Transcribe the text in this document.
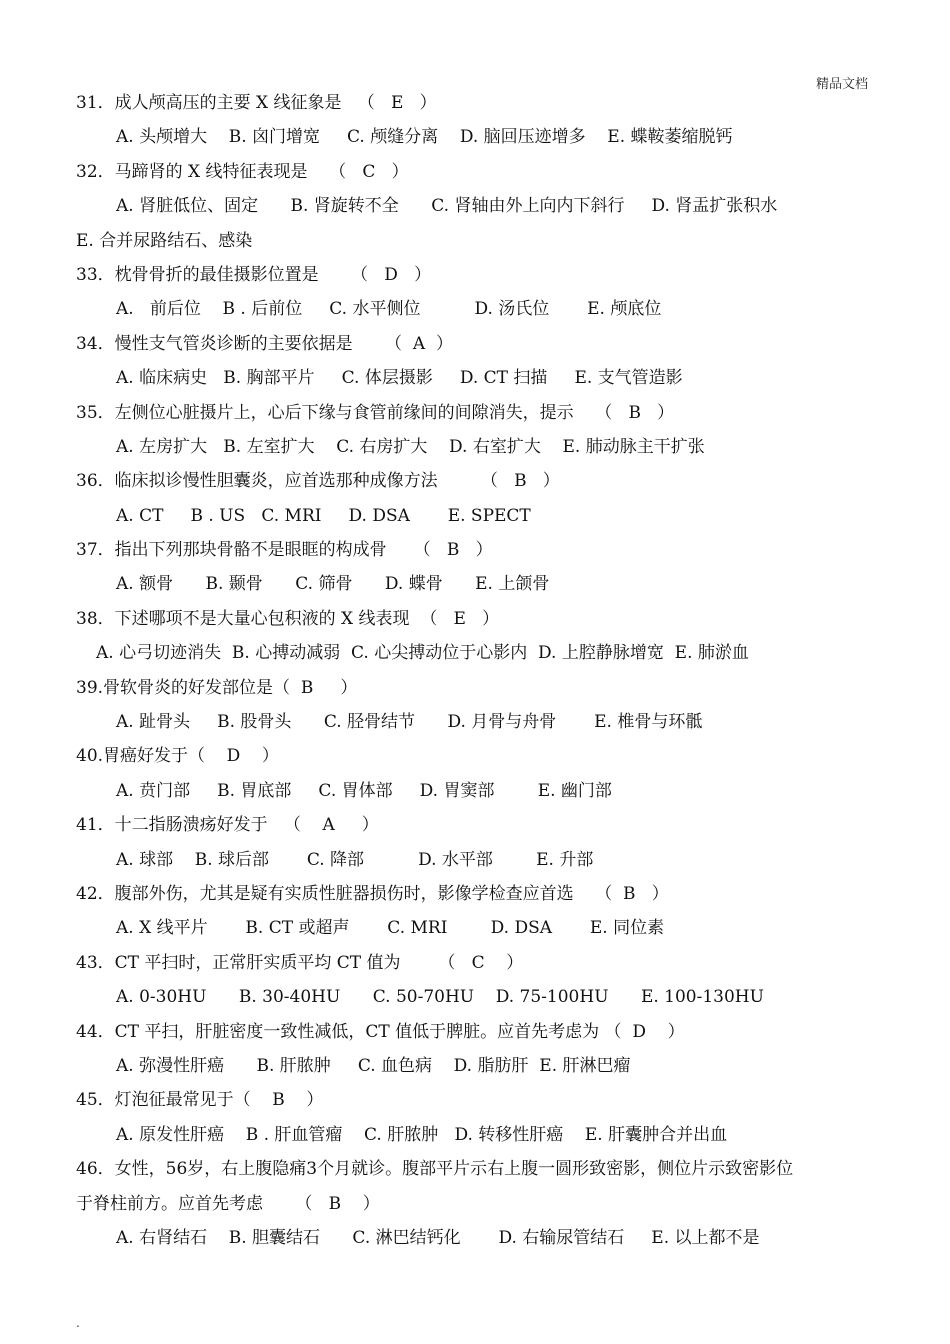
精品文档
31．成人颅高压的主要 X 线征象是   （   E   ）
A. 头颅增大    B. 囟门增宽     C. 颅缝分离    D. 脑回压迹增多    E. 蝶鞍萎缩脱钙
32．马蹄肾的 X 线特征表现是    （   C   ）
A. 肾脏低位、固定      B. 肾旋转不全      C. 肾轴由外上向内下斜行     D. 肾盂扩张积水
E. 合并尿路结石、感染
33．枕骨骨折的最佳摄影位置是      （   D   ）
A.   前后位    B . 后前位     C. 水平侧位          D. 汤氏位       E. 颅底位
34．慢性支气管炎诊断的主要依据是      （  A  ）
A. 临床病史   B. 胸部平片     C. 体层摄影     D. CT 扫描     E. 支气管造影
35．左侧位心脏摄片上，心后下缘与食管前缘间的间隙消失，提示    （   B   ）
A. 左房扩大   B. 左室扩大    C. 右房扩大    D. 右室扩大    E. 肺动脉主干扩张
36．临床拟诊慢性胆囊炎，应首选那种成像方法        （   B   ）
A. CT     B . US   C. MRI     D. DSA       E. SPECT
37．指出下列那块骨骼不是眼眶的构成骨     （   B   ）
A. 额骨      B. 颞骨      C. 筛骨      D. 蝶骨      E. 上颌骨
38．下述哪项不是大量心包积液的 X 线表现  （   E   ）
A. 心弓切迹消失  B. 心搏动减弱  C. 心尖搏动位于心影内  D. 上腔静脉增宽  E. 肺淤血
39.骨软骨炎的好发部位是（  B     ）
A. 趾骨头     B. 股骨头      C. 胫骨结节      D. 月骨与舟骨       E. 椎骨与环骶
40.胃癌好发于（    D    ）
A. 贲门部     B. 胃底部     C. 胃体部     D. 胃窦部        E. 幽门部
41．十二指肠溃疡好发于   （    A     ）
A. 球部    B. 球后部       C. 降部          D. 水平部        E. 升部
42．腹部外伤，尤其是疑有实质性脏器损伤时，影像学检查应首选    （  B   ）
A. X 线平片       B. CT 或超声       C. MRI        D. DSA       E. 同位素
43．CT 平扫时，正常肝实质平均 CT 值为       （   C    ）
A. 0-30HU      B. 30-40HU      C. 50-70HU    D. 75-100HU      E. 100-130HU
44．CT 平扫，肝脏密度一致性减低，CT 值低于脾脏。应首先考虑为 （  D    ）
A. 弥漫性肝癌      B. 肝脓肿     C. 血色病    D. 脂肪肝  E. 肝淋巴瘤
45．灯泡征最常见于（    B    ）
A. 原发性肝癌    B . 肝血管瘤    C. 肝脓肿   D. 转移性肝癌    E. 肝囊肿合并出血
46．女性，56岁，右上腹隐痛3个月就诊。腹部平片示右上腹一圆形致密影，侧位片示致密影位
于脊柱前方。应首先考虑      （   B    ）
A. 右肾结石    B. 胆囊结石      C. 淋巴结钙化       D. 右输尿管结石     E. 以上都不是
.
